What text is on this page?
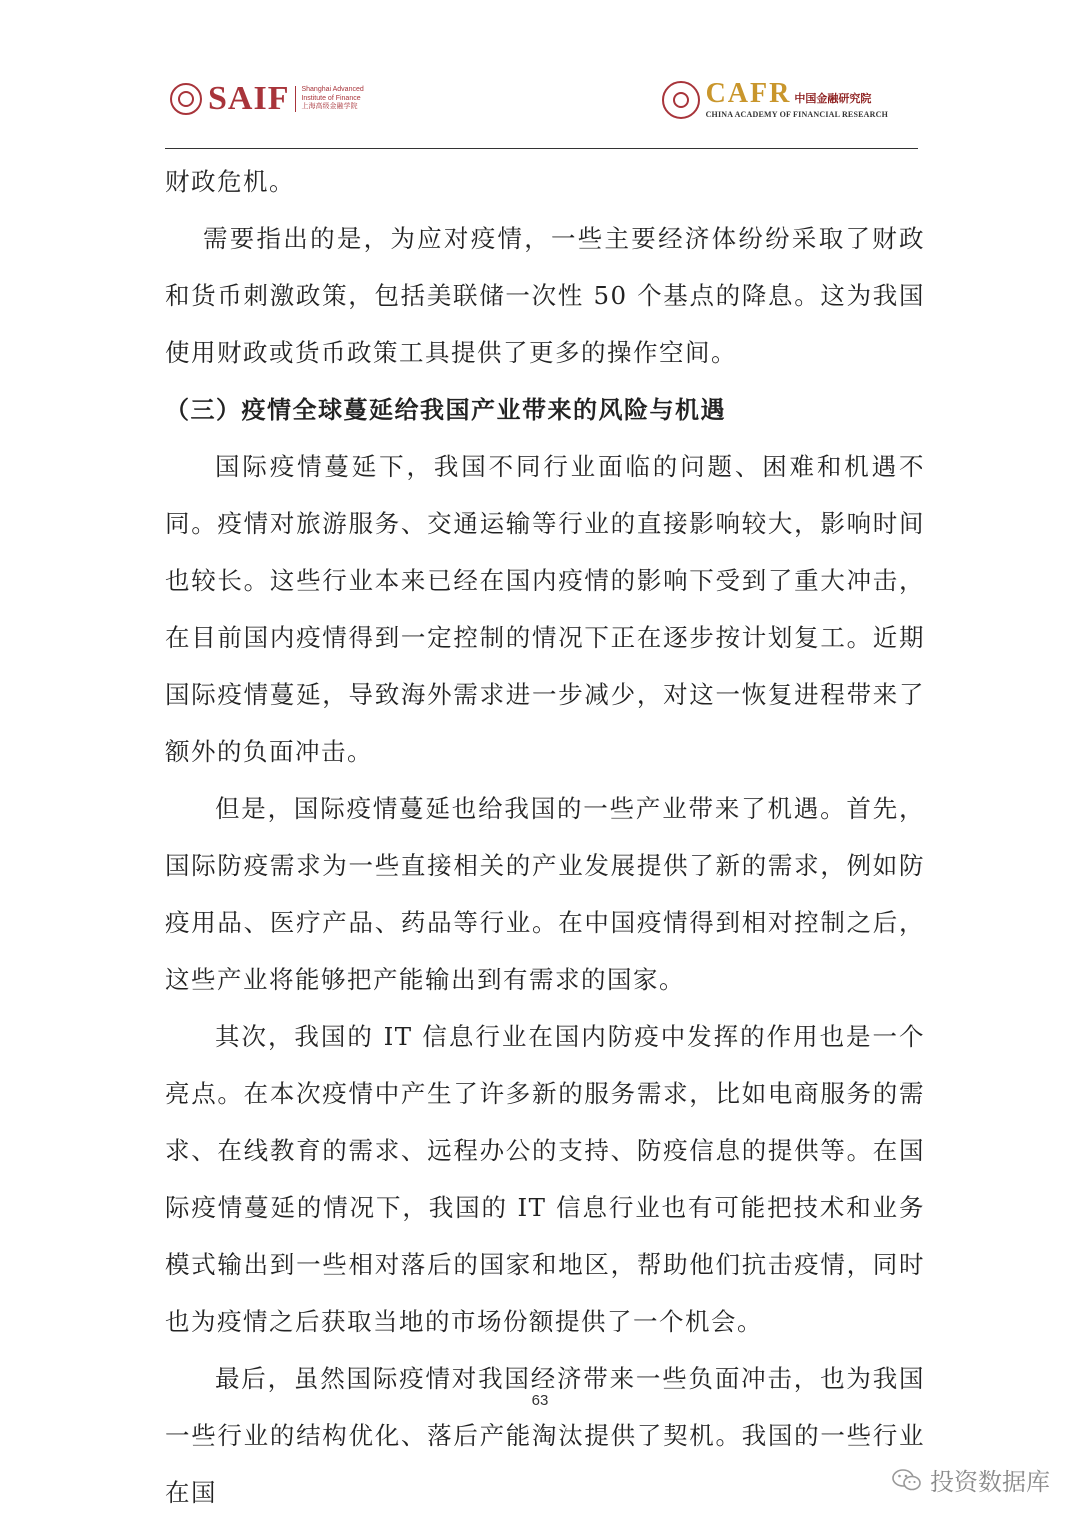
SAIF Shanghai Advanced
Institute of Finance
上海高级金融学院	CAFR 中国金融研究院
CHINA ACADEMY OF FINANCIAL RESEARCH

财政危机。

需要指出的是，为应对疫情，一些主要经济体纷纷采取了财政和货币刺激政策，包括美联储一次性 50 个基点的降息。这为我国使用财政或货币政策工具提供了更多的操作空间。

（三）疫情全球蔓延给我国产业带来的风险与机遇

国际疫情蔓延下，我国不同行业面临的问题、困难和机遇不同。疫情对旅游服务、交通运输等行业的直接影响较大，影响时间也较长。这些行业本来已经在国内疫情的影响下受到了重大冲击，在目前国内疫情得到一定控制的情况下正在逐步按计划复工。近期国际疫情蔓延，导致海外需求进一步减少，对这一恢复进程带来了额外的负面冲击。

但是，国际疫情蔓延也给我国的一些产业带来了机遇。首先，国际防疫需求为一些直接相关的产业发展提供了新的需求，例如防疫用品、医疗产品、药品等行业。在中国疫情得到相对控制之后，这些产业将能够把产能输出到有需求的国家。

其次，我国的 IT 信息行业在国内防疫中发挥的作用也是一个亮点。在本次疫情中产生了许多新的服务需求，比如电商服务的需求、在线教育的需求、远程办公的支持、防疫信息的提供等。在国际疫情蔓延的情况下，我国的 IT 信息行业也有可能把技术和业务模式输出到一些相对落后的国家和地区，帮助他们抗击疫情，同时也为疫情之后获取当地的市场份额提供了一个机会。

最后，虽然国际疫情对我国经济带来一些负面冲击，也为我国一些行业的结构优化、落后产能淘汰提供了契机。我国的一些行业在国

63
投资数据库
